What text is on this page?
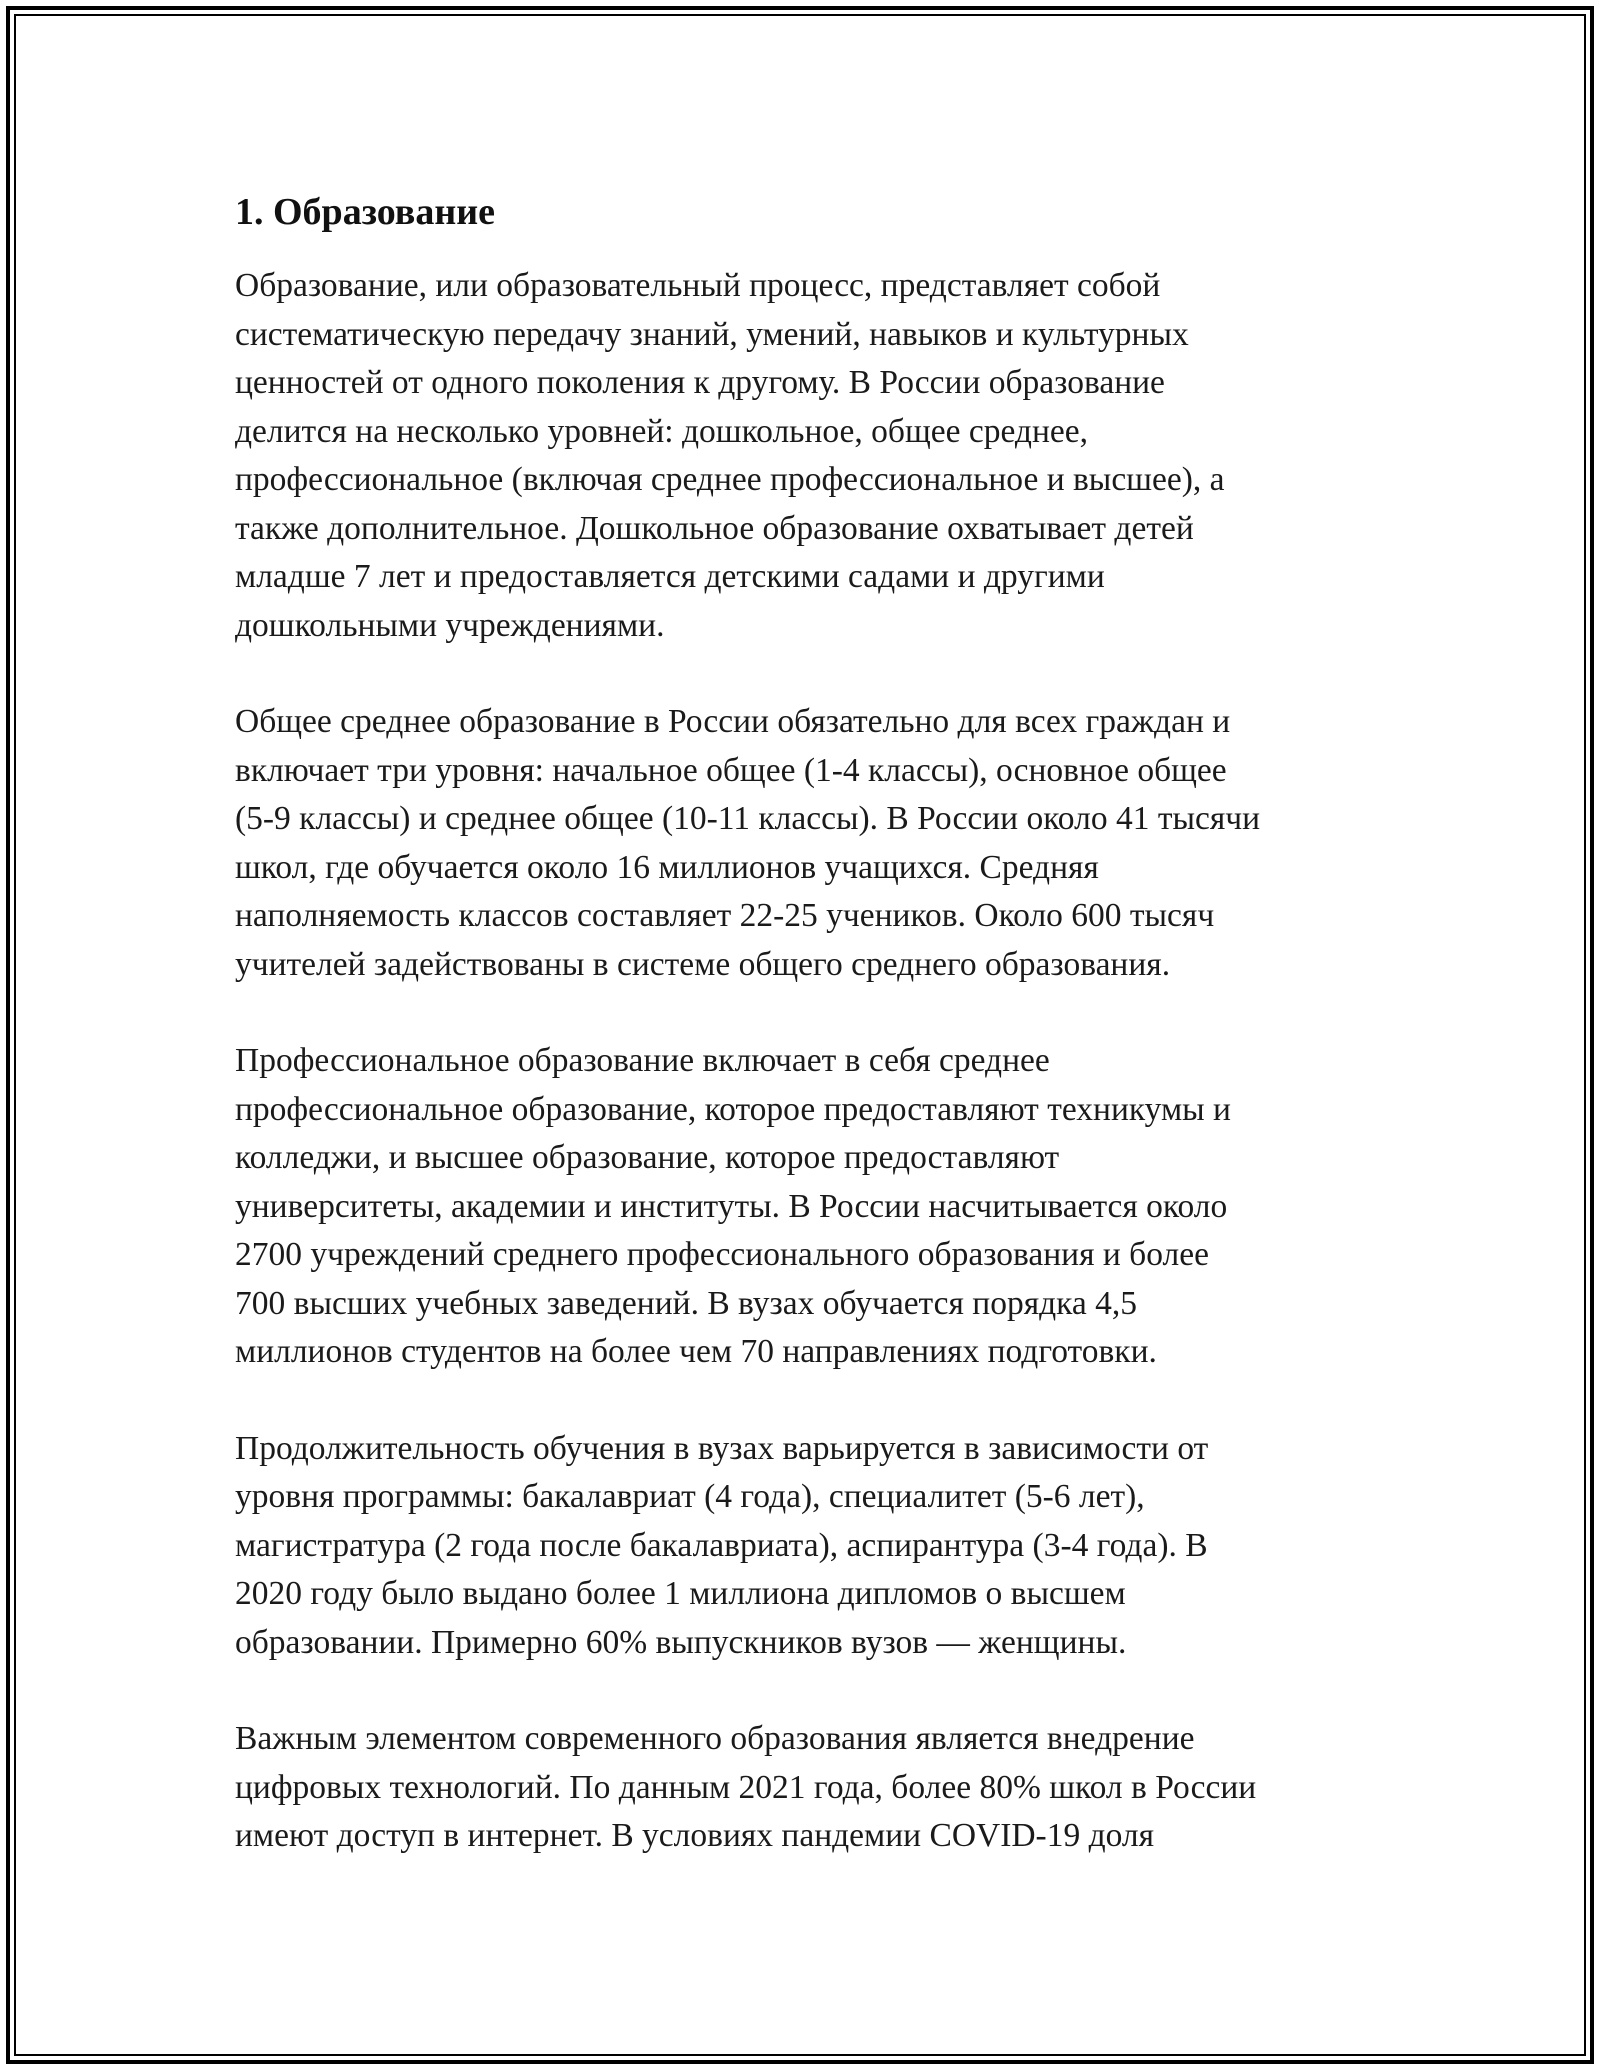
1. Образование

Образование, или образовательный процесс, представляет собой
систематическую передачу знаний, умений, навыков и культурных
ценностей от одного поколения к другому. В России образование
делится на несколько уровней: дошкольное, общее среднее,
профессиональное (включая среднее профессиональное и высшее), а
также дополнительное. Дошкольное образование охватывает детей
младше 7 лет и предоставляется детскими садами и другими
дошкольными учреждениями.

Общее среднее образование в России обязательно для всех граждан и
включает три уровня: начальное общее (1-4 классы), основное общее
(5-9 классы) и среднее общее (10-11 классы). В России около 41 тысячи
школ, где обучается около 16 миллионов учащихся. Средняя
наполняемость классов составляет 22-25 учеников. Около 600 тысяч
учителей задействованы в системе общего среднего образования.

Профессиональное образование включает в себя среднее
профессиональное образование, которое предоставляют техникумы и
колледжи, и высшее образование, которое предоставляют
университеты, академии и институты. В России насчитывается около
2700 учреждений среднего профессионального образования и более
700 высших учебных заведений. В вузах обучается порядка 4,5
миллионов студентов на более чем 70 направлениях подготовки.

Продолжительность обучения в вузах варьируется в зависимости от
уровня программы: бакалавриат (4 года), специалитет (5-6 лет),
магистратура (2 года после бакалавриата), аспирантура (3-4 года). В
2020 году было выдано более 1 миллиона дипломов о высшем
образовании. Примерно 60% выпускников вузов — женщины.

Важным элементом современного образования является внедрение
цифровых технологий. По данным 2021 года, более 80% школ в России
имеют доступ в интернет. В условиях пандемии COVID-19 доля
